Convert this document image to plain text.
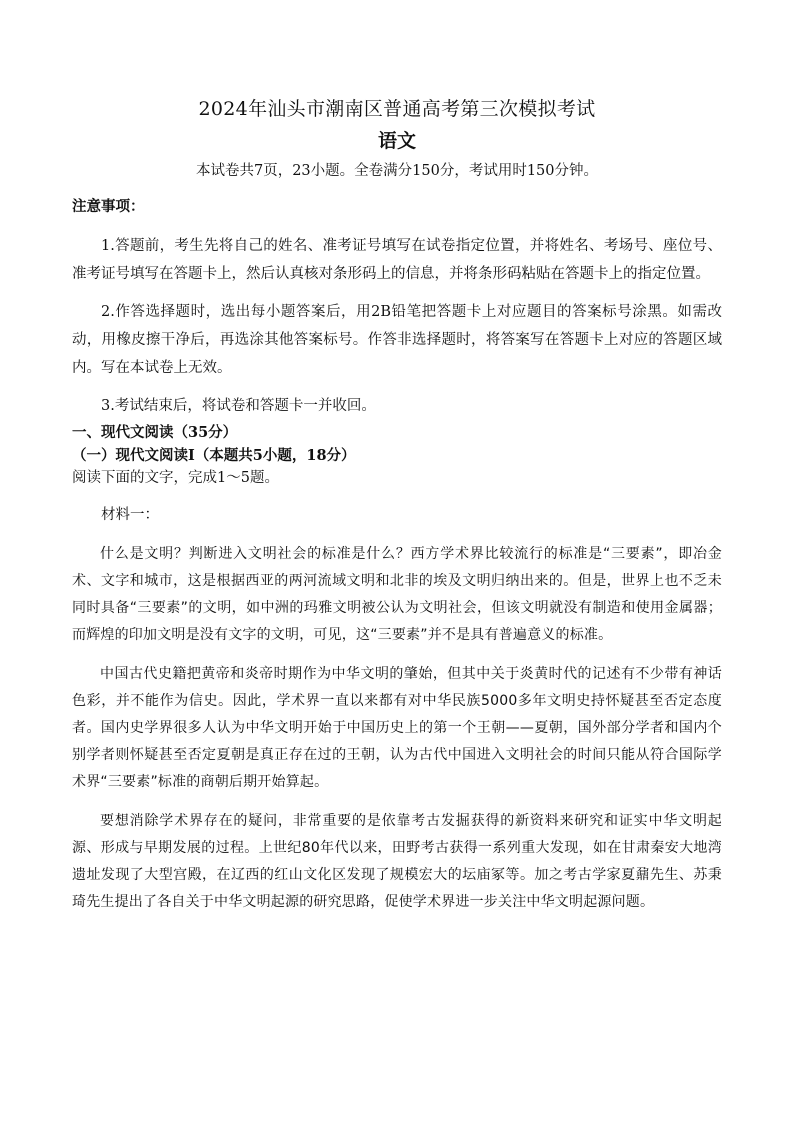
2024年汕头市潮南区普通高考第三次模拟考试
语文

本试卷共7页，23小题。全卷满分150分，考试用时150分钟。

注意事项：

1.答题前，考生先将自己的姓名、准考证号填写在试卷指定位置，并将姓名、考场号、座位号、准考证号填写在答题卡上，然后认真核对条形码上的信息，并将条形码粘贴在答题卡上的指定位置。

2.作答选择题时，选出每小题答案后，用2B铅笔把答题卡上对应题目的答案标号涂黑。如需改动，用橡皮擦干净后，再选涂其他答案标号。作答非选择题时，将答案写在答题卡上对应的答题区域内。写在本试卷上无效。

3.考试结束后，将试卷和答题卡一并收回。

一、现代文阅读（35分）

（一）现代文阅读Ⅰ（本题共5小题，18分）

阅读下面的文字，完成1～5题。

材料一：

什么是文明？判断进入文明社会的标准是什么？西方学术界比较流行的标准是“三要素”，即冶金术、文字和城市，这是根据西亚的两河流域文明和北非的埃及文明归纳出来的。但是，世界上也不乏未同时具备“三要素”的文明，如中洲的玛雅文明被公认为文明社会，但该文明就没有制造和使用金属器；而辉煌的印加文明是没有文字的文明，可见，这“三要素”并不是具有普遍意义的标准。

中国古代史籍把黄帝和炎帝时期作为中华文明的肇始，但其中关于炎黄时代的记述有不少带有神话色彩，并不能作为信史。因此，学术界一直以来都有对中华民族5000多年文明史持怀疑甚至否定态度者。国内史学界很多人认为中华文明开始于中国历史上的第一个王朝——夏朝，国外部分学者和国内个别学者则怀疑甚至否定夏朝是真正存在过的王朝，认为古代中国进入文明社会的时间只能从符合国际学术界“三要素”标准的商朝后期开始算起。

要想消除学术界存在的疑问，非常重要的是依靠考古发掘获得的新资料来研究和证实中华文明起源、形成与早期发展的过程。上世纪80年代以来，田野考古获得一系列重大发现，如在甘肃秦安大地湾遗址发现了大型宫殿，在辽西的红山文化区发现了规模宏大的坛庙冢等。加之考古学家夏鼐先生、苏秉琦先生提出了各自关于中华文明起源的研究思路，促使学术界进一步关注中华文明起源问题。
